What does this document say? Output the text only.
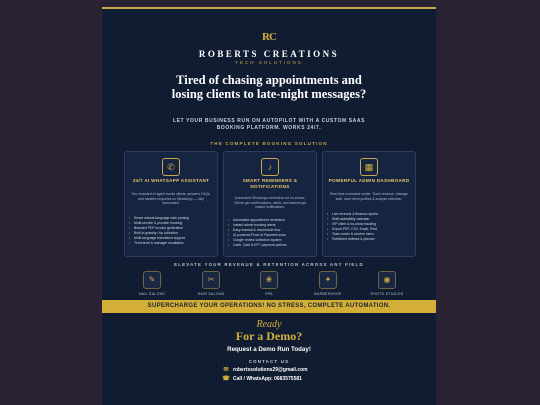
RC
ROBERTS CREATIONS
TECH SOLUTIONS
Tired of chasing appointments and losing clients to late-night messages?
LET YOUR BUSINESS RUN ON AUTOPILOT WITH A CUSTOM SAAS BOOKING PLATFORM. WORKS 24/7.
THE COMPLETE BOOKING SOLUTION
✆
24/7 AI WHATSAPP ASSISTANT
Your branded AI agent books clients, answers FAQs, and handles enquiries on WhatsApp — fully automated.
• Smart natural-language date parsing
• Multi-service & provider booking
• Branded PDF invoice generation
• Built-in gratuity / tip collection
• Multi-language translation support
• Third-level & manager escalation
♪
SMART REMINDERS & NOTIFICATIONS
Automated WhatsApp reminders cut no-shows. Clients get confirmations, alerts, and admins get instant notifications.
• Automated appointment reminders
• Instant admin booking alerts
• Easy manual & reschedule flow
• AI-powered Proof of Payment scan
• Google review collection system
• Cash, Card & EFT payment options
▦
POWERFUL ADMIN DASHBOARD
Real-time command center. Track revenue, manage staff, view client profiles & analyse retention.
• Live revenue & finance reports
• Staff availability calendar
• VIP client & no-show tracking
• Export PDF, CSV, Email, Print
• Team roster & service menu
• Published reviews & planner
ELEVATE YOUR REVENUE & RETENTION ACROSS ANY FIELD
✎
NAIL SALONS
✂
HAIR SALONS
❀
SPA
✦
BARBERSHOP
◉
PHOTO STUDIOS
SUPERCHARGE YOUR OPERATIONS! NO STRESS, COMPLETE AUTOMATION.
Ready
For a Demo?
Request a Demo Run Today!
CONTACT US
✉ robertssolutions29@gmail.com
☎ Call / WhatsApp: 0683575581
